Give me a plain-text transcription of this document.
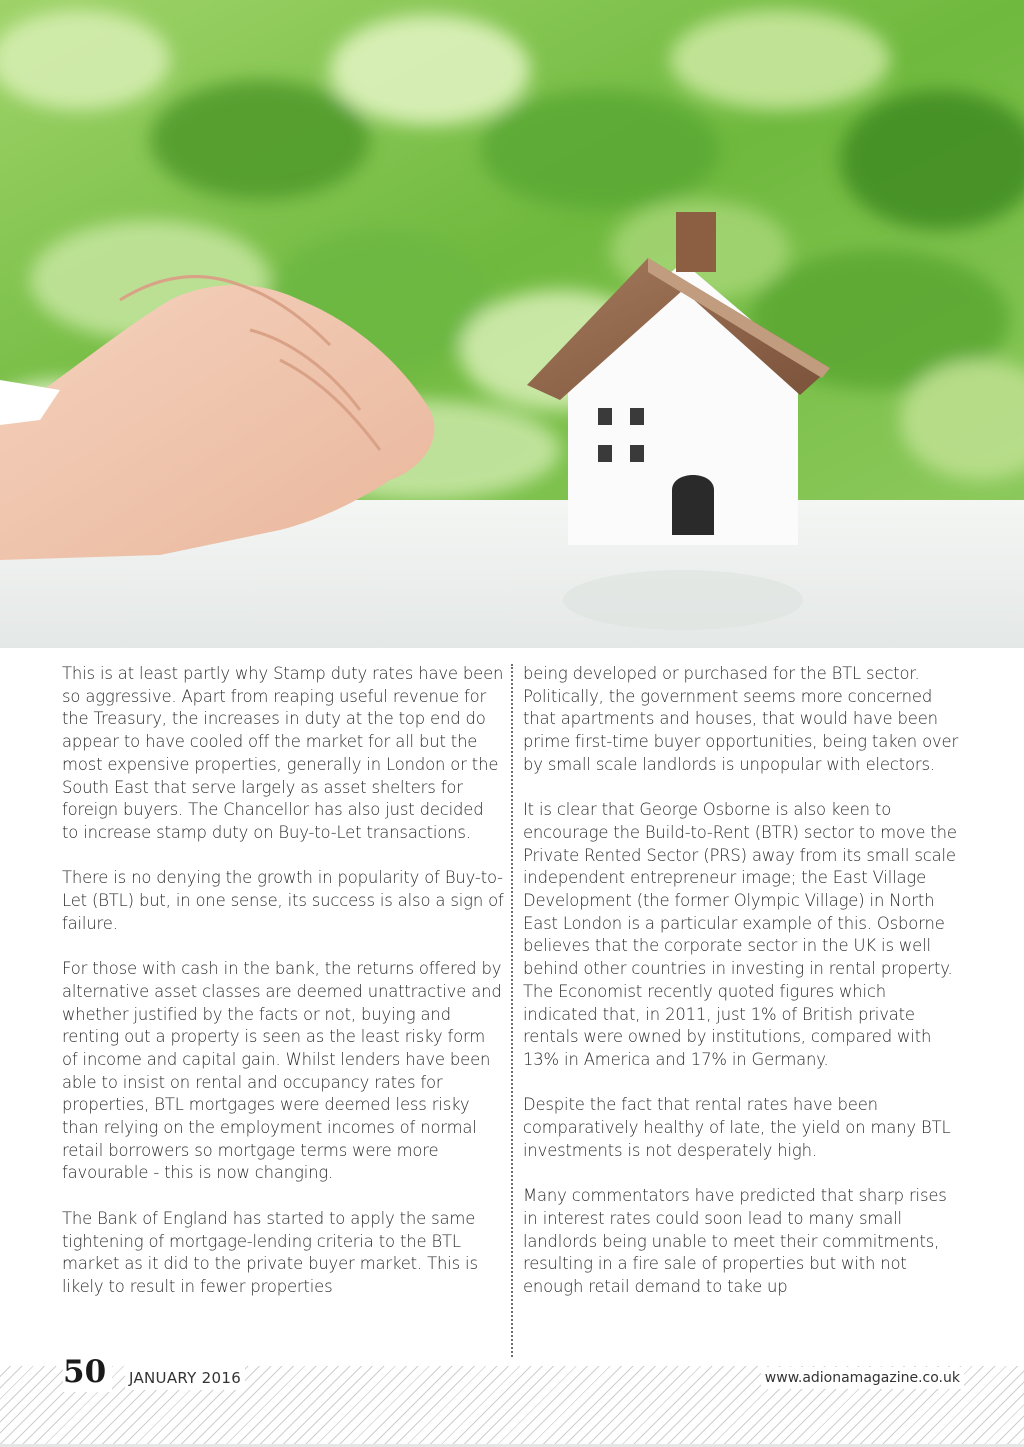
This is at least partly why Stamp duty rates have been so aggressive. Apart from reaping useful revenue for the Treasury, the increases in duty at the top end do appear to have cooled off the market for all but the most expensive properties, generally in London or the South East that serve largely as asset shelters for foreign buyers. The Chancellor has also just decided to increase stamp duty on Buy-to-Let transactions.

There is no denying the growth in popularity of Buy-to-Let (BTL) but, in one sense, its success is also a sign of failure.

For those with cash in the bank, the returns offered by alternative asset classes are deemed unattractive and whether justified by the facts or not, buying and renting out a property is seen as the least risky form of income and capital gain. Whilst lenders have been able to insist on rental and occupancy rates for properties, BTL mortgages were deemed less risky than relying on the employment incomes of normal retail borrowers so mortgage terms were more favourable - this is now changing.

The Bank of England has started to apply the same tightening of mortgage-lending criteria to the BTL market as it did to the private buyer market. This is likely to result in fewer properties

being developed or purchased for the BTL sector. Politically, the government seems more concerned that apartments and houses, that would have been prime first-time buyer opportunities, being taken over by small scale landlords is unpopular with electors.

It is clear that George Osborne is also keen to encourage the Build-to-Rent (BTR) sector to move the Private Rented Sector (PRS) away from its small scale independent entrepreneur image; the East Village Development (the former Olympic Village) in North East London is a particular example of this. Osborne believes that the corporate sector in the UK is well behind other countries in investing in rental property. The Economist recently quoted figures which indicated that, in 2011, just 1% of British private rentals were owned by institutions, compared with 13% in America and 17% in Germany.

Despite the fact that rental rates have been comparatively healthy of late, the yield on many BTL investments is not desperately high.

Many commentators have predicted that sharp rises in interest rates could soon lead to many small landlords being unable to meet their commitments, resulting in a fire sale of properties but with not enough retail demand to take up

50	JANUARY 2016	www.adionamagazine.co.uk
